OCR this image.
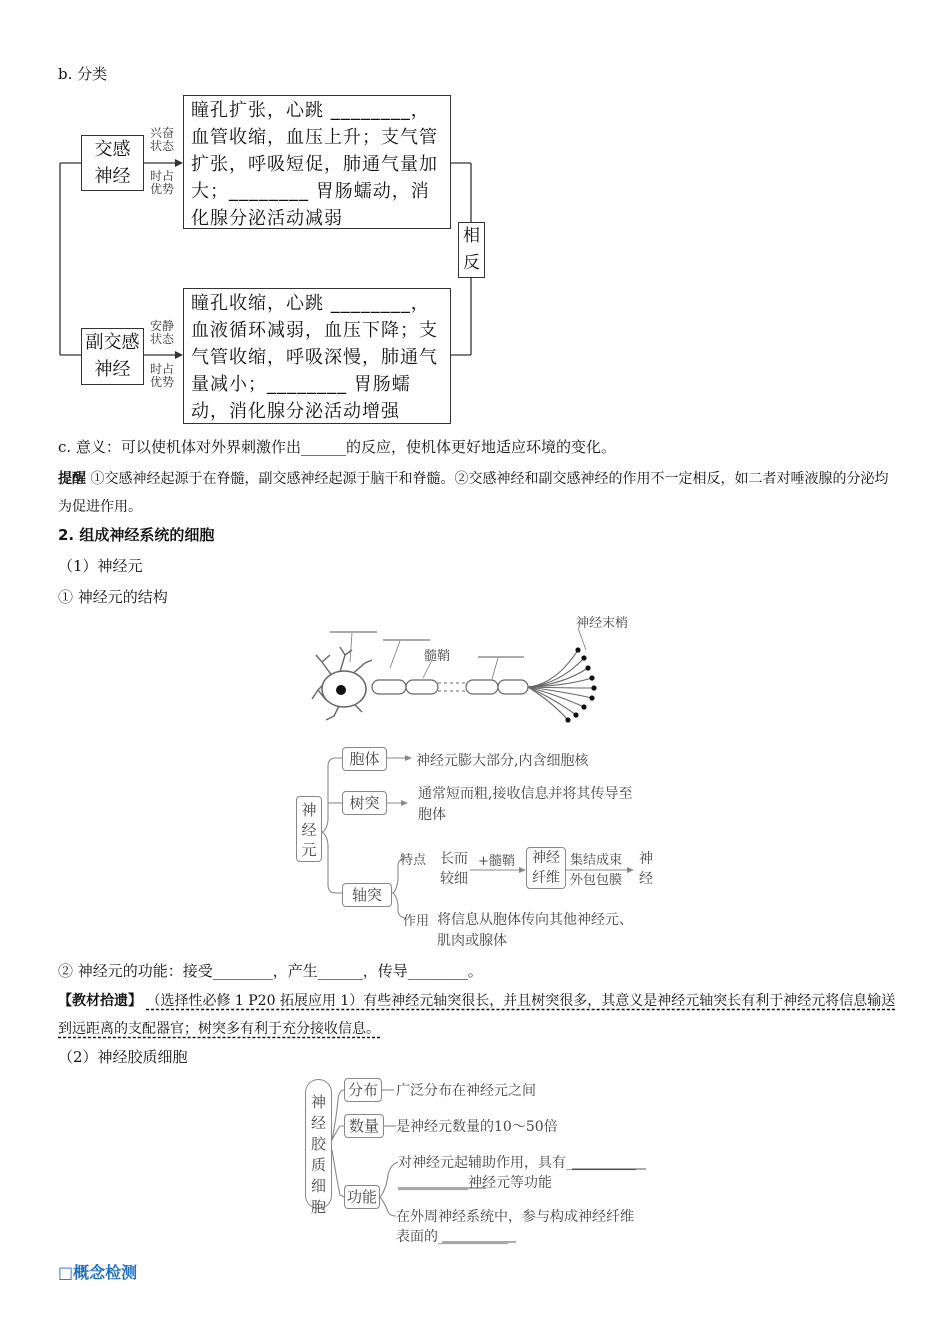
b. 分类
交感
神经
兴奋状态
时占优势
瞳孔扩张，心跳 ________，血管收缩，血压上升；支气管扩张，呼吸短促，肺通气量加大；________ 胃肠蠕动，消化腺分泌活动减弱
相
反
副交感
神经
安静状态
时占优势
瞳孔收缩，心跳 ________，血液循环减弱，血压下降；支气管收缩，呼吸深慢，肺通气量减小；________ 胃肠蠕动，消化腺分泌活动增强
c. 意义：可以使机体对外界刺激作出______的反应，使机体更好地适应环境的变化。
提醒 ①交感神经起源于在脊髓，副交感神经起源于脑干和脊髓。②交感神经和副交感神经的作用不一定相反，如二者对唾液腺的分泌均为促进作用。
2. 组成神经系统的细胞
（1）神经元
① 神经元的结构
髓鞘
神经末梢
神经元
胞体	神经元膨大部分,内含细胞核
树突	通常短而粗,接收信息并将其传导至
胞体
轴突
特点 长而
较细
+髓鞘	神经
纤维
集结成束
外包包膜
神
经
作用 将信息从胞体传向其他神经元、
肌肉或腺体
② 神经元的功能：接受________，产生______，传导________。
【教材拾遗】 （选择性必修 1 P20 拓展应用 1）有些神经元轴突很长，并且树突很多，其意义是神经元轴突长有利于神经元将信息输送到远距离的支配器官；树突多有利于充分接收信息。
（2）神经胶质细胞
神经胶质细胞
分布 广泛分布在神经元之间
数量	是神经元数量的10～50倍
功能
对神经元起辅助作用，具有__________
__________神经元等功能
在外周神经系统中，参与构成神经纤维
表面的__________
□概念检测
